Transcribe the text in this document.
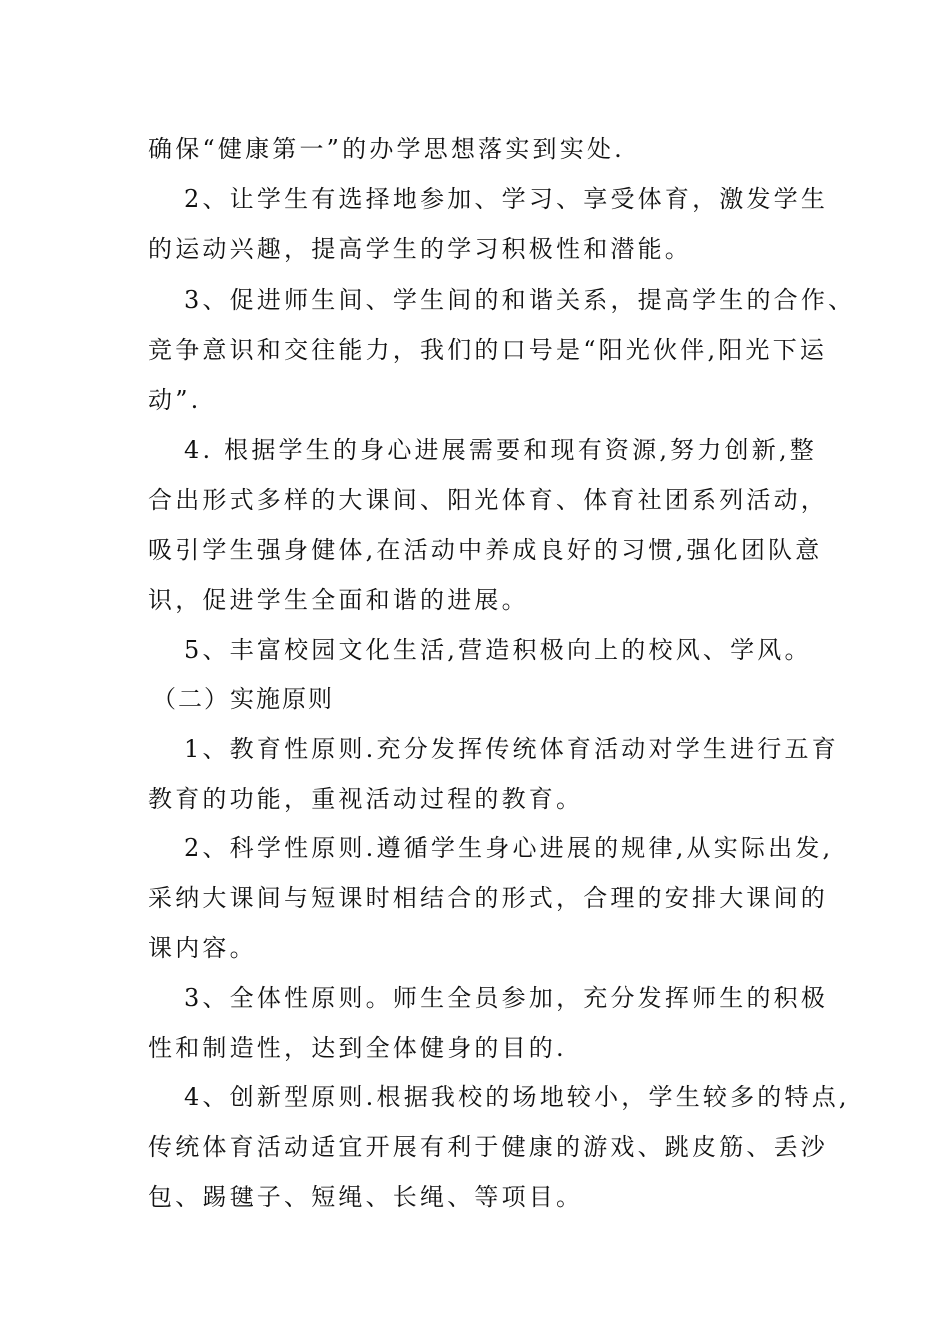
确保“健康第一”的办学思想落实到实处.
2、让学生有选择地参加、学习、享受体育，激发学生
的运动兴趣，提高学生的学习积极性和潜能。
3、促进师生间、学生间的和谐关系，提高学生的合作、
竞争意识和交往能力，我们的口号是“阳光伙伴,阳光下运
动”.
4. 根据学生的身心进展需要和现有资源,努力创新,整
合出形式多样的大课间、阳光体育、体育社团系列活动，
吸引学生强身健体,在活动中养成良好的习惯,强化团队意
识，促进学生全面和谐的进展。
5、丰富校园文化生活,营造积极向上的校风、学风。
（二）实施原则
1、教育性原则.充分发挥传统体育活动对学生进行五育
教育的功能，重视活动过程的教育。
2、科学性原则.遵循学生身心进展的规律,从实际出发,
采纳大课间与短课时相结合的形式，合理的安排大课间的
课内容。
3、全体性原则。师生全员参加，充分发挥师生的积极
性和制造性，达到全体健身的目的.
4、创新型原则.根据我校的场地较小，学生较多的特点,
传统体育活动适宜开展有利于健康的游戏、跳皮筋、丢沙
包、踢毽子、短绳、长绳、等项目。
